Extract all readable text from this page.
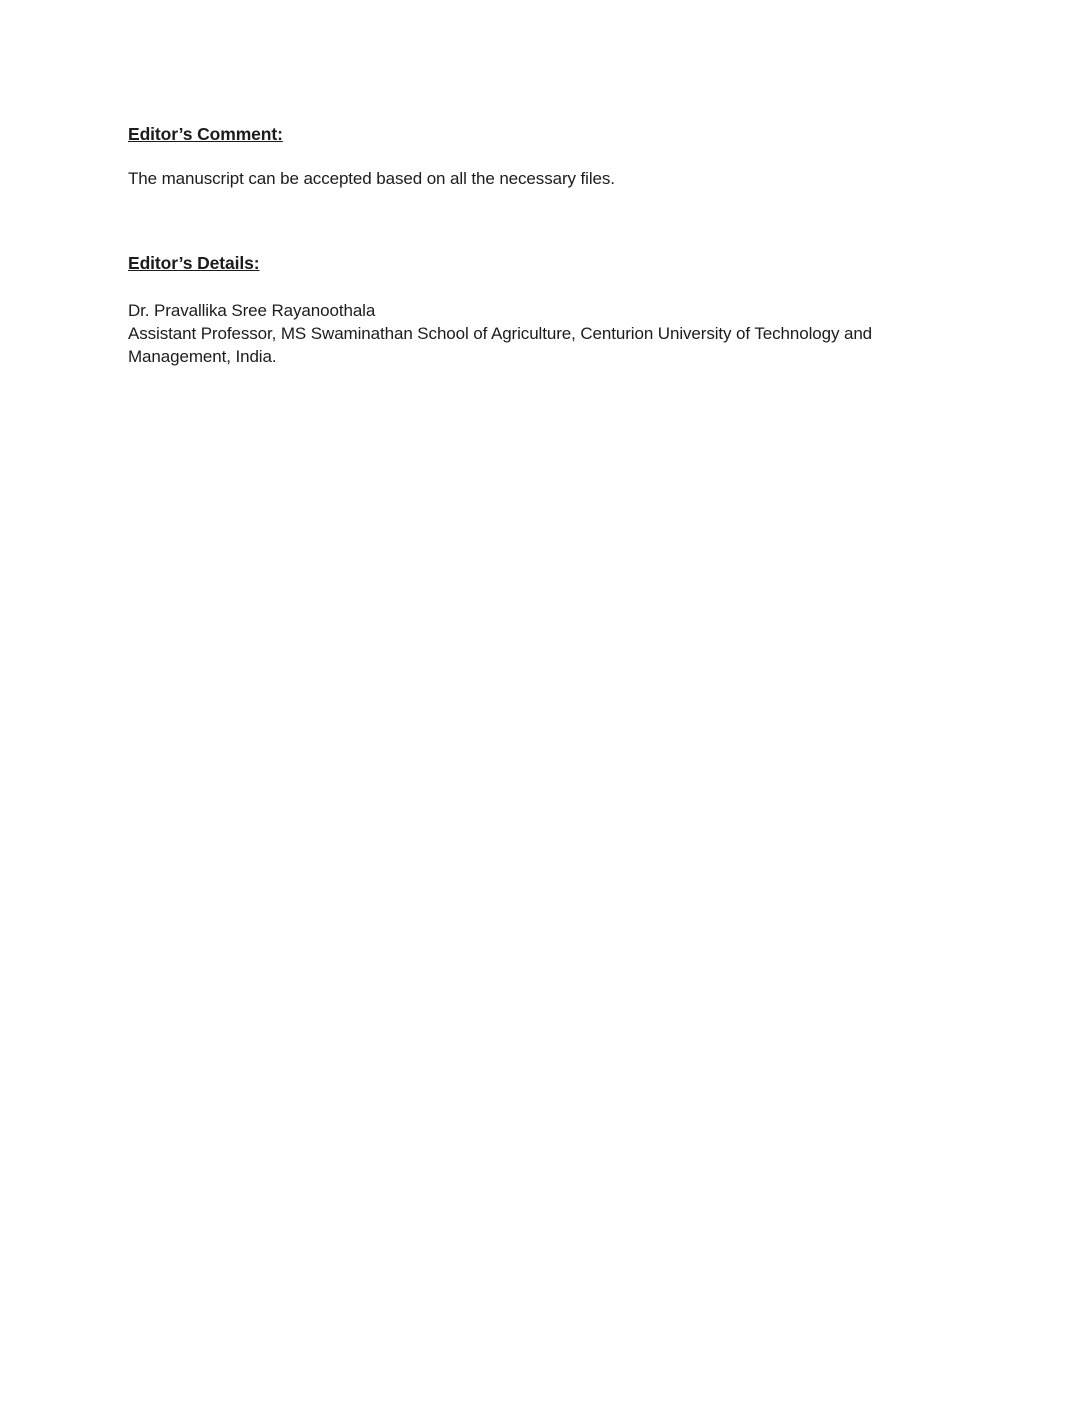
Editor’s Comment:

The manuscript can be accepted based on all the necessary files.

Editor’s Details:

Dr. Pravallika Sree Rayanoothala

Assistant Professor, MS Swaminathan School of Agriculture, Centurion University of Technology and

Management, India.
